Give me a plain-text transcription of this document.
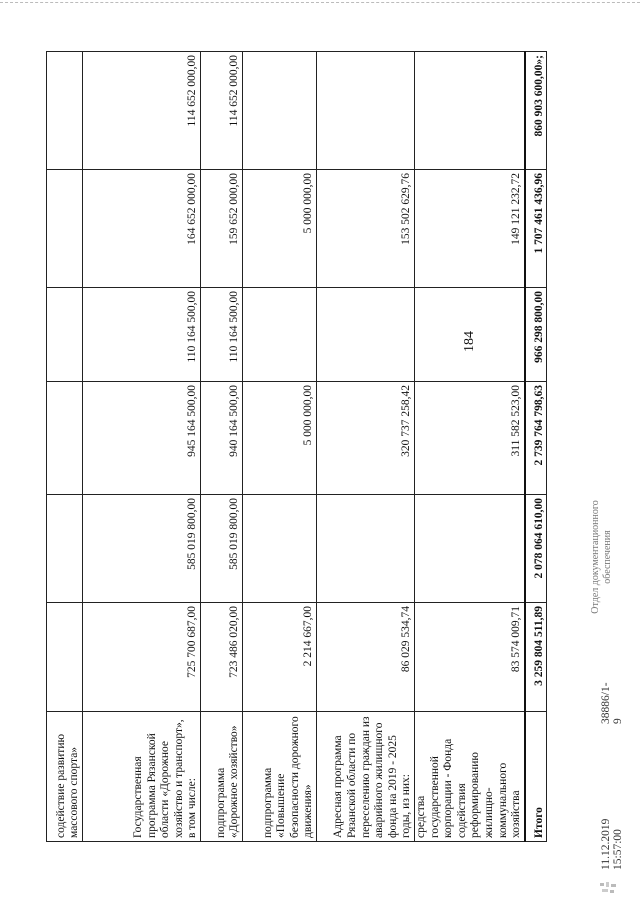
содействие развитию массового спорта»						
Государственная программа Рязанской области «Дорожное хозяйство и транспорт», в том числе:	725 700 687,00	585 019 800,00	945 164 500,00	110 164 500,00	164 652 000,00	114 652 000,00
подпрограмма «Дорожное хозяйство»	723 486 020,00	585 019 800,00	940 164 500,00	110 164 500,00	159 652 000,00	114 652 000,00
подпрограмма «Повышение безопасности дорожного движения»	2 214 667,00		5 000 000,00		5 000 000,00	
Адресная программа Рязанской области по переселению граждан из аварийного жилищного фонда на 2019 - 2025 годы, из них:	86 029 534,74		320 737 258,42		153 502 629,76	
средства государственной корпорации - Фонда содействия реформированию жилищно-коммунального хозяйства	83 574 009,71		311 582 523,00		149 121 232,72	
Итого	3 259 804 511,89	2 078 064 610,00	2 739 764 798,63	966 298 800,00	1 707 461 436,96	860 903 600,00»;
184
11.12.2019 15:57:00
38886/1-9
Отдел документационного обеспечения
